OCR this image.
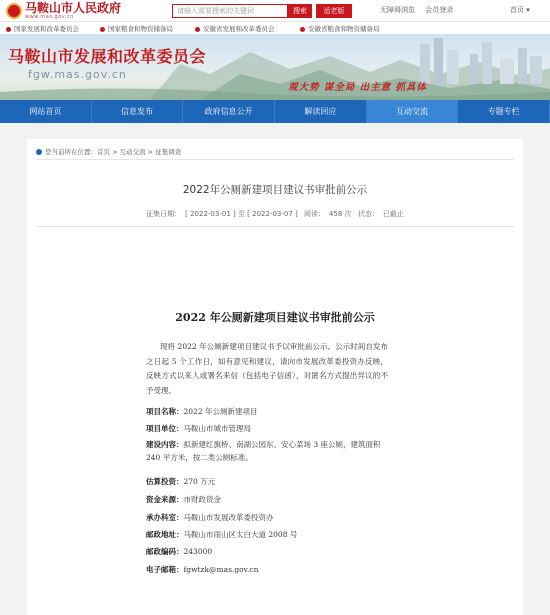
马鞍山市人民政府
www.mas.gov.cn
请输入需要搜索的关键词	搜索	适老版	无障碍浏览 会员登录	首页 ▾
国家发展和改革委员会	国家粮食和物资储备局	安徽省发展和改革委员会	安徽省粮食和物资储备局
马鞍山市发展和改革委员会
fgw.mas.gov.cn
观大势 谋全局 出主意 抓具体
网站首页	信息发布	政府信息公开	解读回应	互动交流	专题专栏
您当前所在位置：首页 > 互动交流 > 征集调查
2022年公厕新建项目建议书审批前公示
征集日期： [ 2022-03-01 ] 至 [ 2022-03-07 ] 阅读： 458 次 状态： 已截止
2022 年公厕新建项目建议书审批前公示
现将 2022 年公厕新建项目建议书予以审批前公示。公示时间自发布之日起 5 个工作日，如有意见和建议，请向市发展改革委投资办反映，反映方式以来人或署名来信（包括电子信函），对匿名方式提出异议的不予受理。
项目名称：2022 年公厕新建项目
项目单位：马鞍山市城市管理局
建设内容：拟新建红旗桥、南湖公园东、安心菜场 3 座公厕，建筑面积 240 平方米，按二类公厕标准。
估算投资：270 万元
资金来源：市财政资金
承办科室：马鞍山市发展改革委投资办
邮政地址：马鞍山市雨山区太白大道 2008 号
邮政编码：243000
电子邮箱：fgwtzk@mas.gov.cn
